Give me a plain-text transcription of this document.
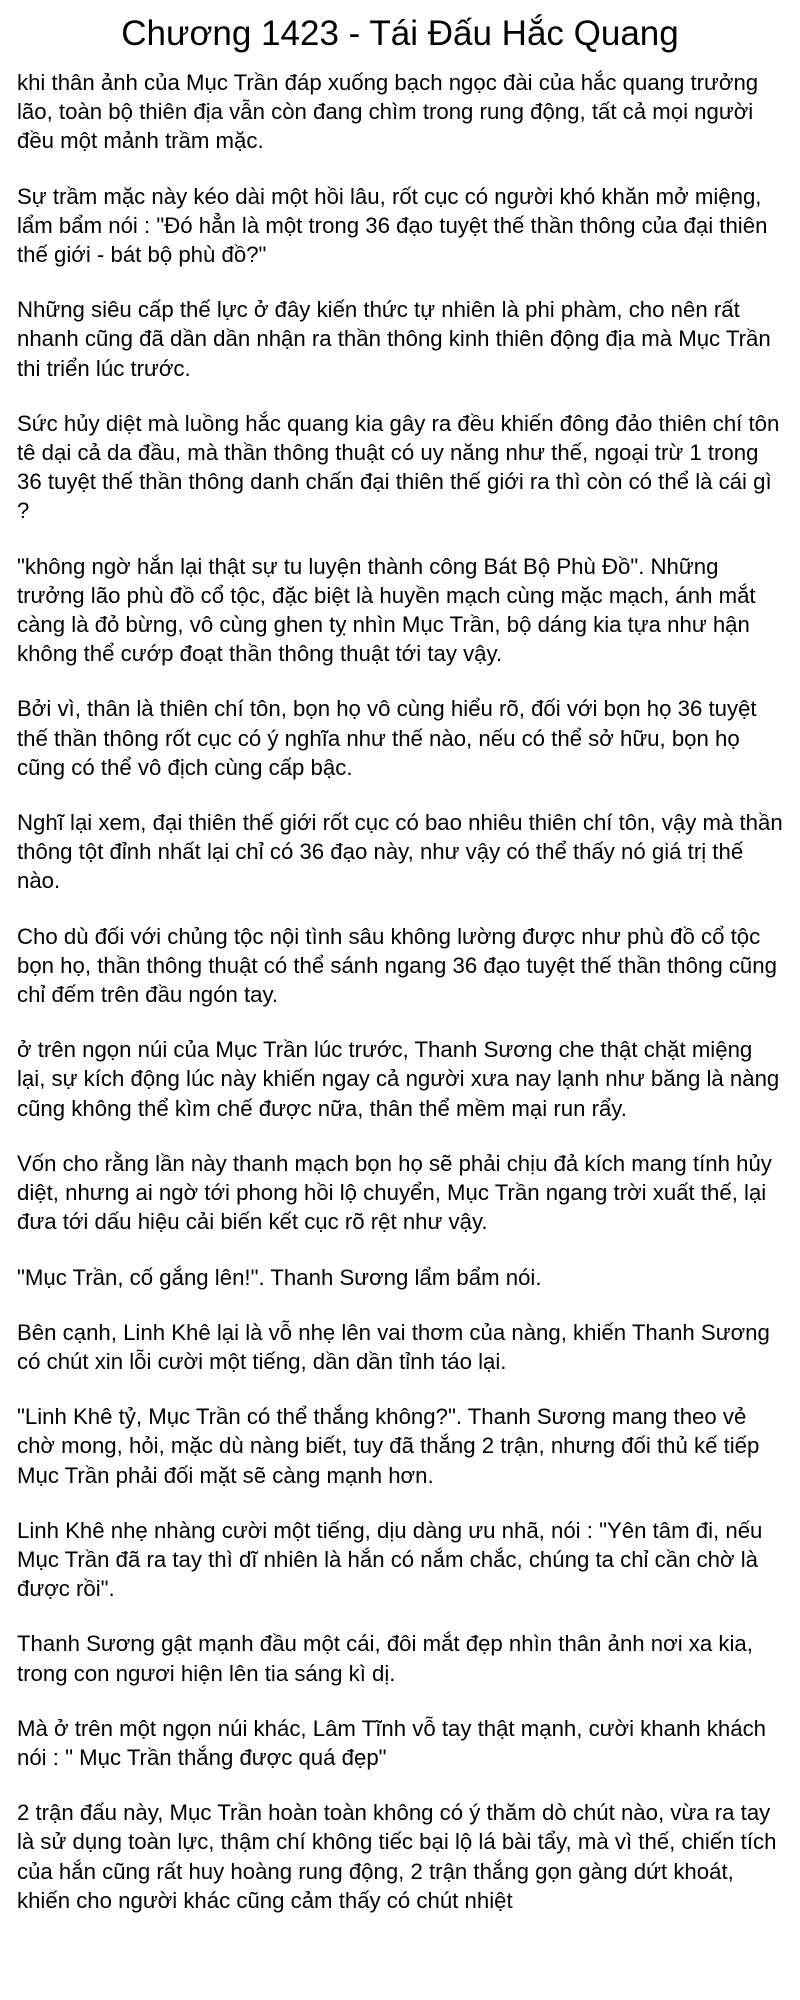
Chương 1423 - Tái Đấu Hắc Quang

khi thân ảnh của Mục Trần đáp xuống bạch ngọc đài của hắc quang trưởng lão, toàn bộ thiên địa vẫn còn đang chìm trong rung động, tất cả mọi người đều một mảnh trầm mặc.

Sự trầm mặc này kéo dài một hồi lâu, rốt cục có người khó khăn mở miệng, lẩm bẩm nói : "Đó hẳn là một trong 36 đạo tuyệt thế thần thông của đại thiên thế giới - bát bộ phù đồ?"

Những siêu cấp thế lực ở đây kiến thức tự nhiên là phi phàm, cho nên rất nhanh cũng đã dần dần nhận ra thần thông kinh thiên động địa mà Mục Trần thi triển lúc trước.

Sức hủy diệt mà luồng hắc quang kia gây ra đều khiến đông đảo thiên chí tôn tê dại cả da đầu, mà thần thông thuật có uy năng như thế, ngoại trừ 1 trong 36 tuyệt thế thần thông danh chấn đại thiên thế giới ra thì còn có thể là cái gì ?

"không ngờ hắn lại thật sự tu luyện thành công Bát Bộ Phù Đồ". Những trưởng lão phù đồ cổ tộc, đặc biệt là huyền mạch cùng mặc mạch, ánh mắt càng là đỏ bừng, vô cùng ghen tỵ nhìn Mục Trần, bộ dáng kia tựa như hận không thể cướp đoạt thần thông thuật tới tay vậy.

Bởi vì, thân là thiên chí tôn, bọn họ vô cùng hiểu rõ, đối với bọn họ 36 tuyệt thế thần thông rốt cục có ý nghĩa như thế nào, nếu có thể sở hữu, bọn họ cũng có thể vô địch cùng cấp bậc.

Nghĩ lại xem, đại thiên thế giới rốt cục có bao nhiêu thiên chí tôn, vậy mà thần thông tột đỉnh nhất lại chỉ có 36 đạo này, như vậy có thể thấy nó giá trị thế nào.

Cho dù đối với chủng tộc nội tình sâu không lường được như phù đồ cổ tộc bọn họ, thần thông thuật có thể sánh ngang 36 đạo tuyệt thế thần thông cũng chỉ đếm trên đầu ngón tay.

ở trên ngọn núi của Mục Trần lúc trước, Thanh Sương che thật chặt miệng lại, sự kích động lúc này khiến ngay cả người xưa nay lạnh như băng là nàng cũng không thể kìm chế được nữa, thân thể mềm mại run rẩy.

Vốn cho rằng lần này thanh mạch bọn họ sẽ phải chịu đả kích mang tính hủy diệt, nhưng ai ngờ tới phong hồi lộ chuyển, Mục Trần ngang trời xuất thế, lại đưa tới dấu hiệu cải biến kết cục rõ rệt như vậy.

"Mục Trần, cố gắng lên!". Thanh Sương lẩm bẩm nói.

Bên cạnh, Linh Khê lại là vỗ nhẹ lên vai thơm của nàng, khiến Thanh Sương có chút xin lỗi cười một tiếng, dần dần tỉnh táo lại.

"Linh Khê tỷ, Mục Trần có thể thắng không?". Thanh Sương mang theo vẻ chờ mong, hỏi, mặc dù nàng biết, tuy đã thắng 2 trận, nhưng đối thủ kế tiếp Mục Trần phải đối mặt sẽ càng mạnh hơn.

Linh Khê nhẹ nhàng cười một tiếng, dịu dàng ưu nhã, nói : "Yên tâm đi, nếu Mục Trần đã ra tay thì dĩ nhiên là hắn có nắm chắc, chúng ta chỉ cần chờ là được rồi".

Thanh Sương gật mạnh đầu một cái, đôi mắt đẹp nhìn thân ảnh nơi xa kia, trong con ngươi hiện lên tia sáng kì dị.

Mà ở trên một ngọn núi khác, Lâm Tĩnh vỗ tay thật mạnh, cười khanh khách nói : " Mục Trần thắng được quá đẹp"

2 trận đấu này, Mục Trần hoàn toàn không có ý thăm dò chút nào, vừa ra tay là sử dụng toàn lực, thậm chí không tiếc bại lộ lá bài tẩy, mà vì thế, chiến tích của hắn cũng rất huy hoàng rung động, 2 trận thắng gọn gàng dứt khoát, khiến cho người khác cũng cảm thấy có chút nhiệt
